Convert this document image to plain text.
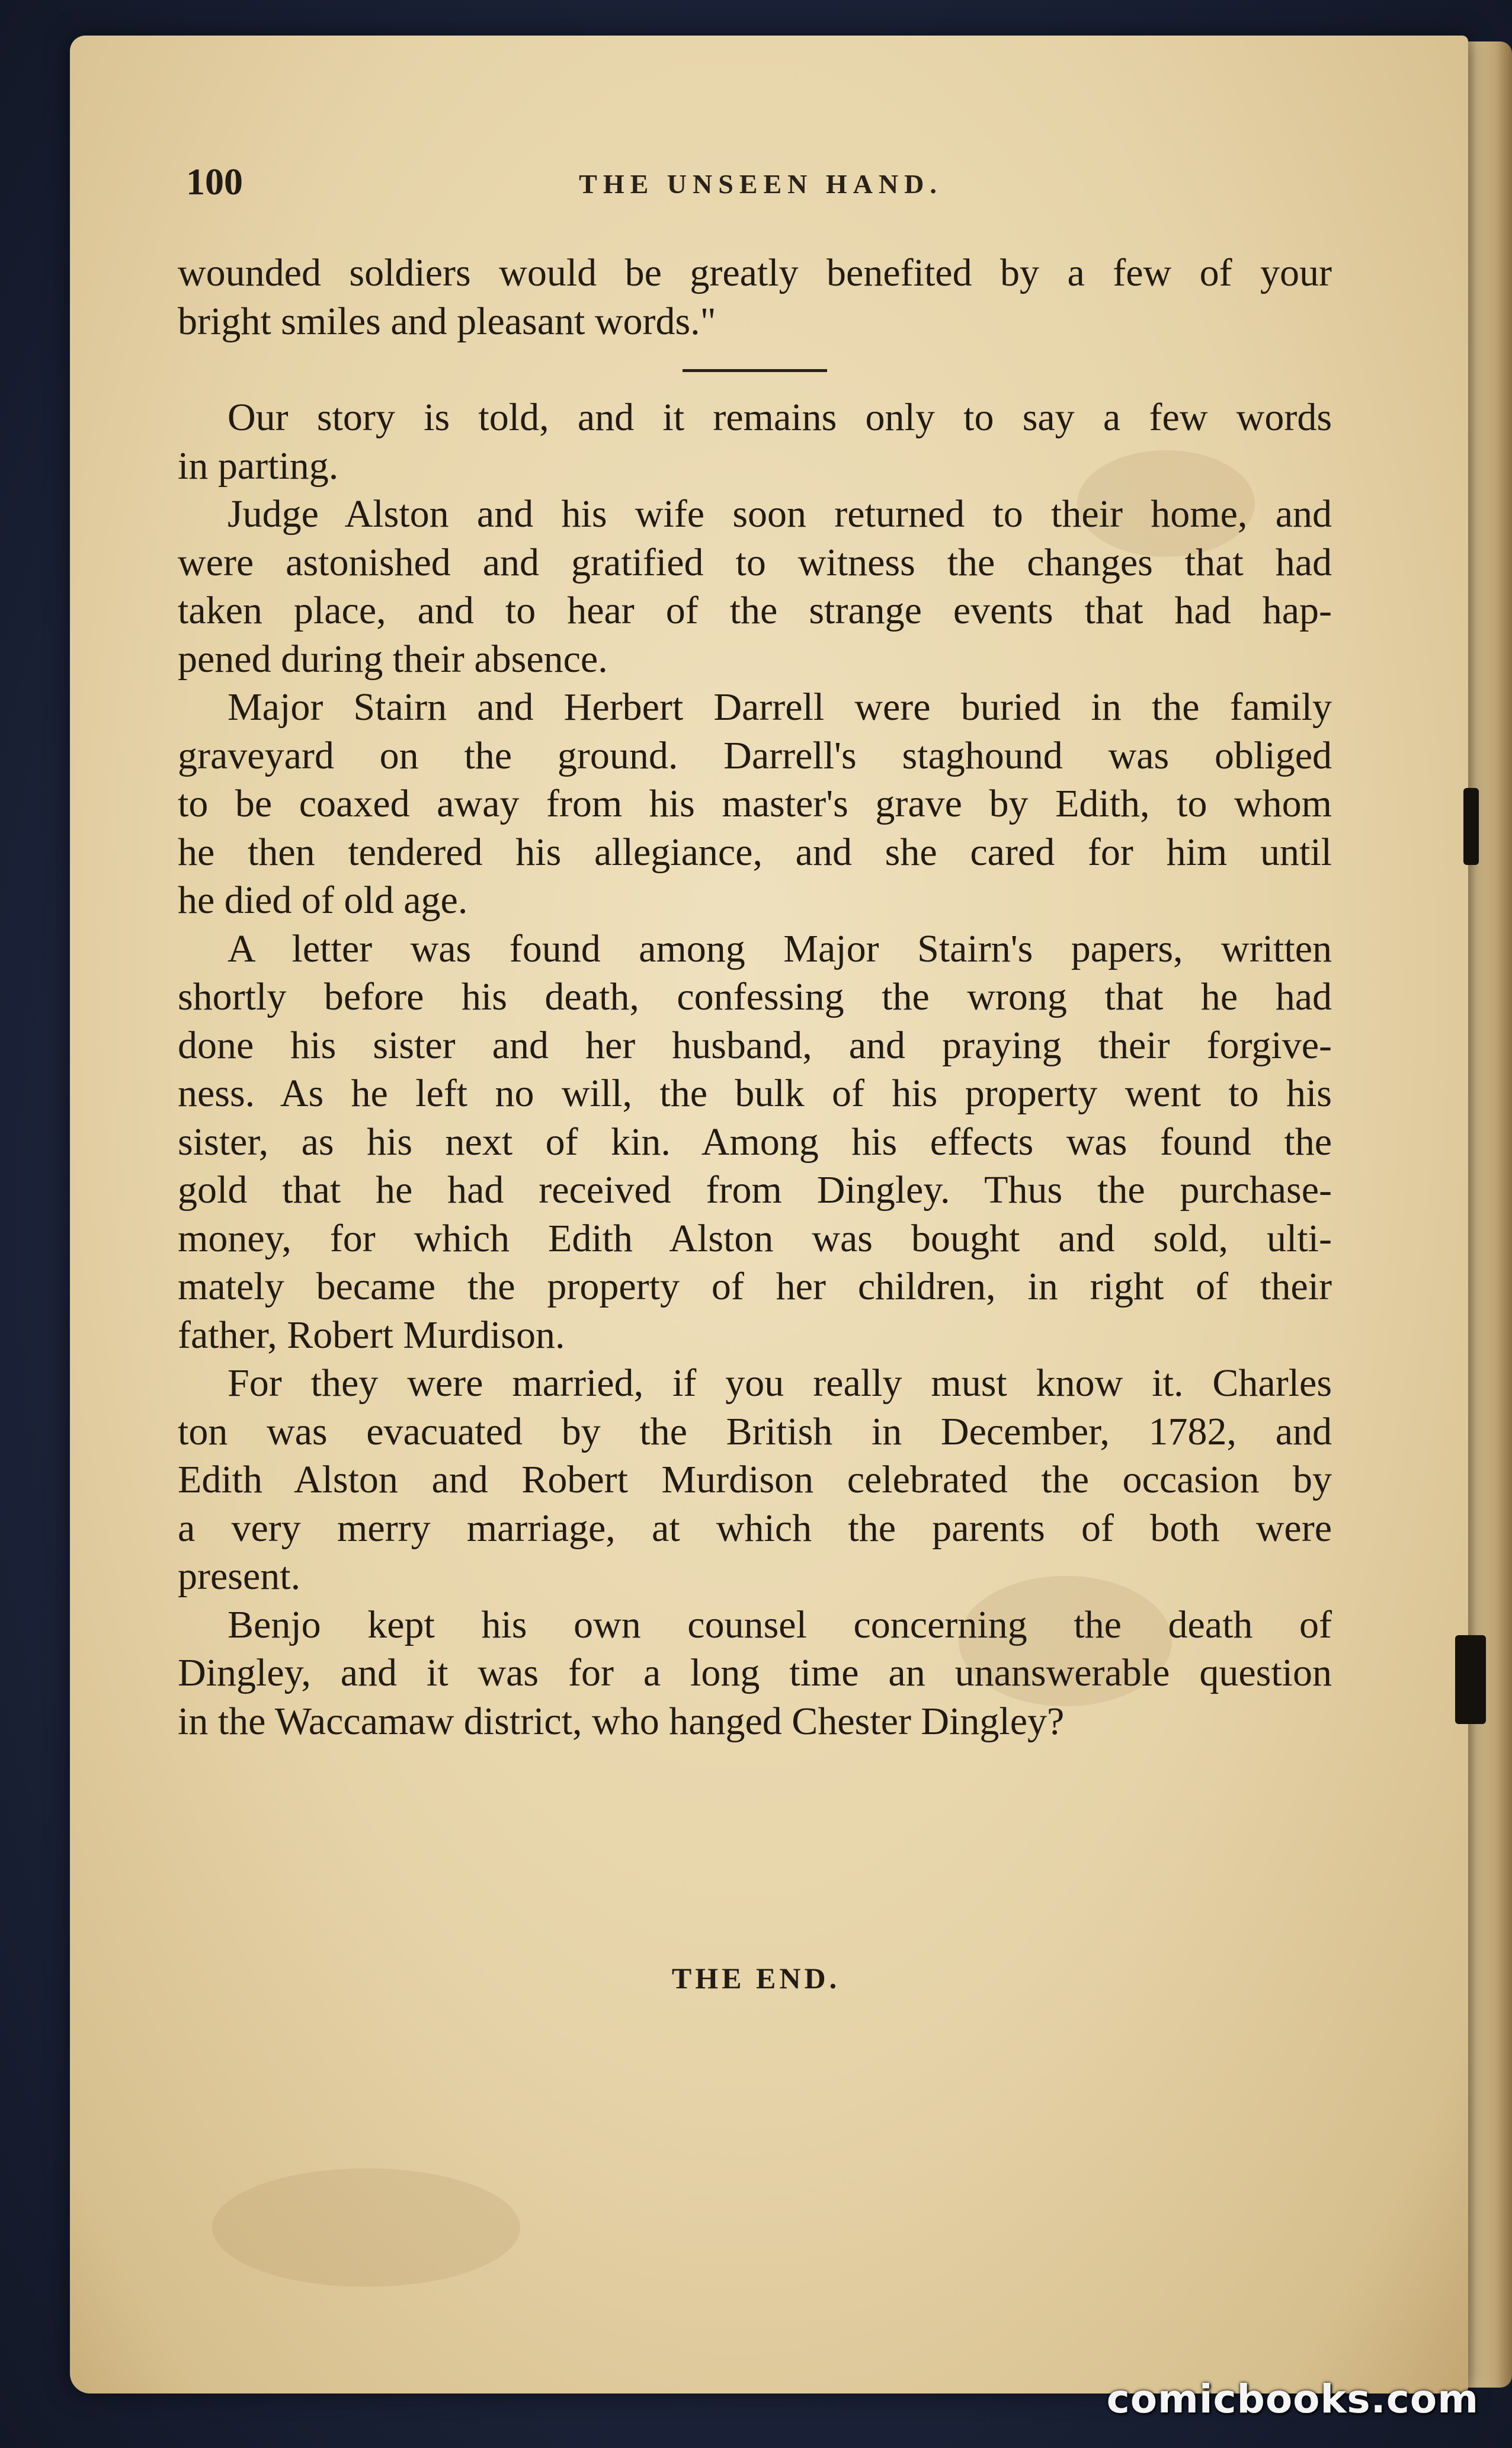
100	THE UNSEEN HAND.
wounded soldiers would be greatly benefited by a few of your
bright smiles and pleasant words."
Our story is told, and it remains only to say a few words
in parting.
Judge Alston and his wife soon returned to their home, and
were astonished and gratified to witness the changes that had
taken place, and to hear of the strange events that had hap-
pened during their absence.
Major Stairn and Herbert Darrell were buried in the family
graveyard on the ground. Darrell's staghound was obliged
to be coaxed away from his master's grave by Edith, to whom
he then tendered his allegiance, and she cared for him until
he died of old age.
A letter was found among Major Stairn's papers, written
shortly before his death, confessing the wrong that he had
done his sister and her husband, and praying their forgive-
ness. As he left no will, the bulk of his property went to his
sister, as his next of kin. Among his effects was found the
gold that he had received from Dingley. Thus the purchase-
money, for which Edith Alston was bought and sold, ulti-
mately became the property of her children, in right of their
father, Robert Murdison.
For they were married, if you really must know it. Charles
ton was evacuated by the British in December, 1782, and
Edith Alston and Robert Murdison celebrated the occasion by
a very merry marriage, at which the parents of both were
present.
Benjo kept his own counsel concerning the death of
Dingley, and it was for a long time an unanswerable question
in the Waccamaw district, who hanged Chester Dingley?
THE END.
comicbooks.com
